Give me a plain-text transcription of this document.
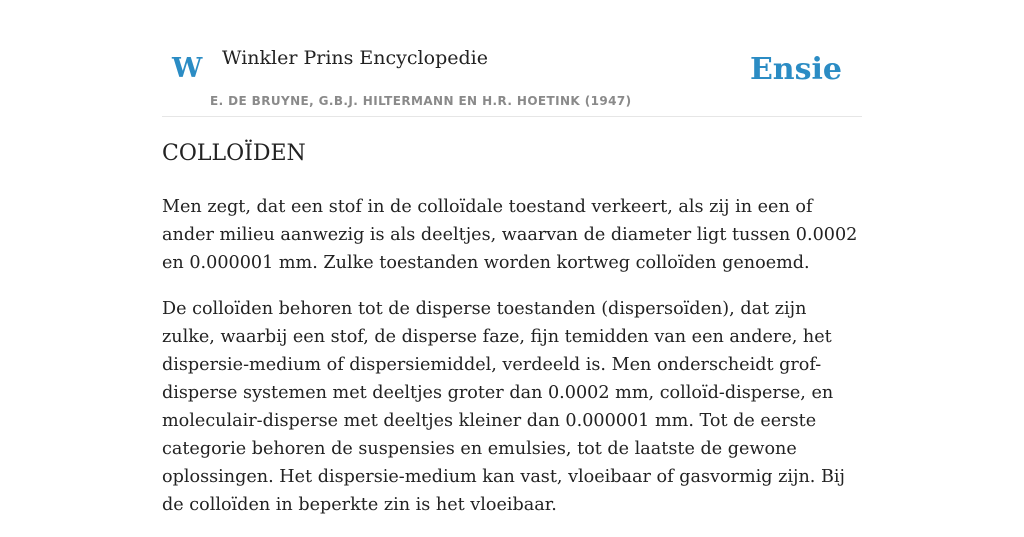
W Winkler Prins Encyclopedie
E. DE BRUYNE, G.B.J. HILTERMANN EN H.R. HOETINK (1947)
Ensie
COLLOÏDEN

Men zegt, dat een stof in de colloïdale toestand verkeert, als zij in een of ander milieu aanwezig is als deeltjes, waarvan de diameter ligt tussen 0.0002 en 0.000001 mm. Zulke toestanden worden kortweg colloïden genoemd.

De colloïden behoren tot de disperse toestanden (dispersoïden), dat zijn zulke, waarbij een stof, de disperse faze, fijn temidden van een andere, het dispersie-medium of dispersiemiddel, verdeeld is. Men onderscheidt grof-disperse systemen met deeltjes groter dan 0.0002 mm, colloïd-disperse, en moleculair-disperse met deeltjes kleiner dan 0.000001 mm. Tot de eerste categorie behoren de suspensies en emulsies, tot de laatste de gewone oplossingen. Het dispersie-medium kan vast, vloeibaar of gasvormig zijn. Bij de colloïden in beperkte zin is het vloeibaar.
